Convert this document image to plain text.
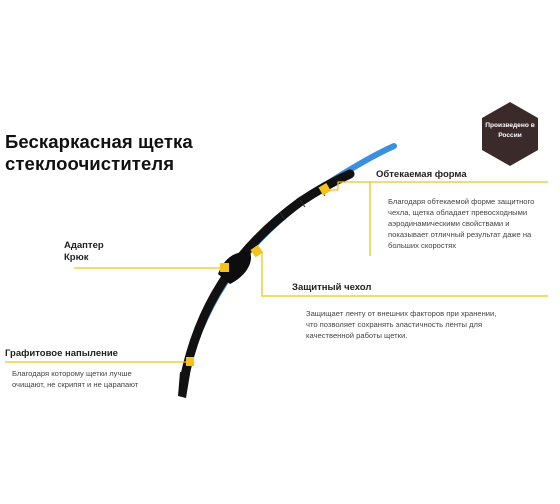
Бескаркасная щетка
стеклоочистителя
Произведено в России
Обтекаемая форма
Благодаря обтекаемой форме защитного
чехла, щетка обладает превосходными
аэродинамическими свойствами и
показывает отличный результат даже на
больших скоростях
Адаптер
Крюк
Защитный чехол
Защищает ленту от внешних факторов при хранении,
что позволяет сохранять эластичность ленты для
качественной работы щетки.
Графитовое напыление
Благодаря которому щетки лучше
очищают, не скрипят и не царапают
